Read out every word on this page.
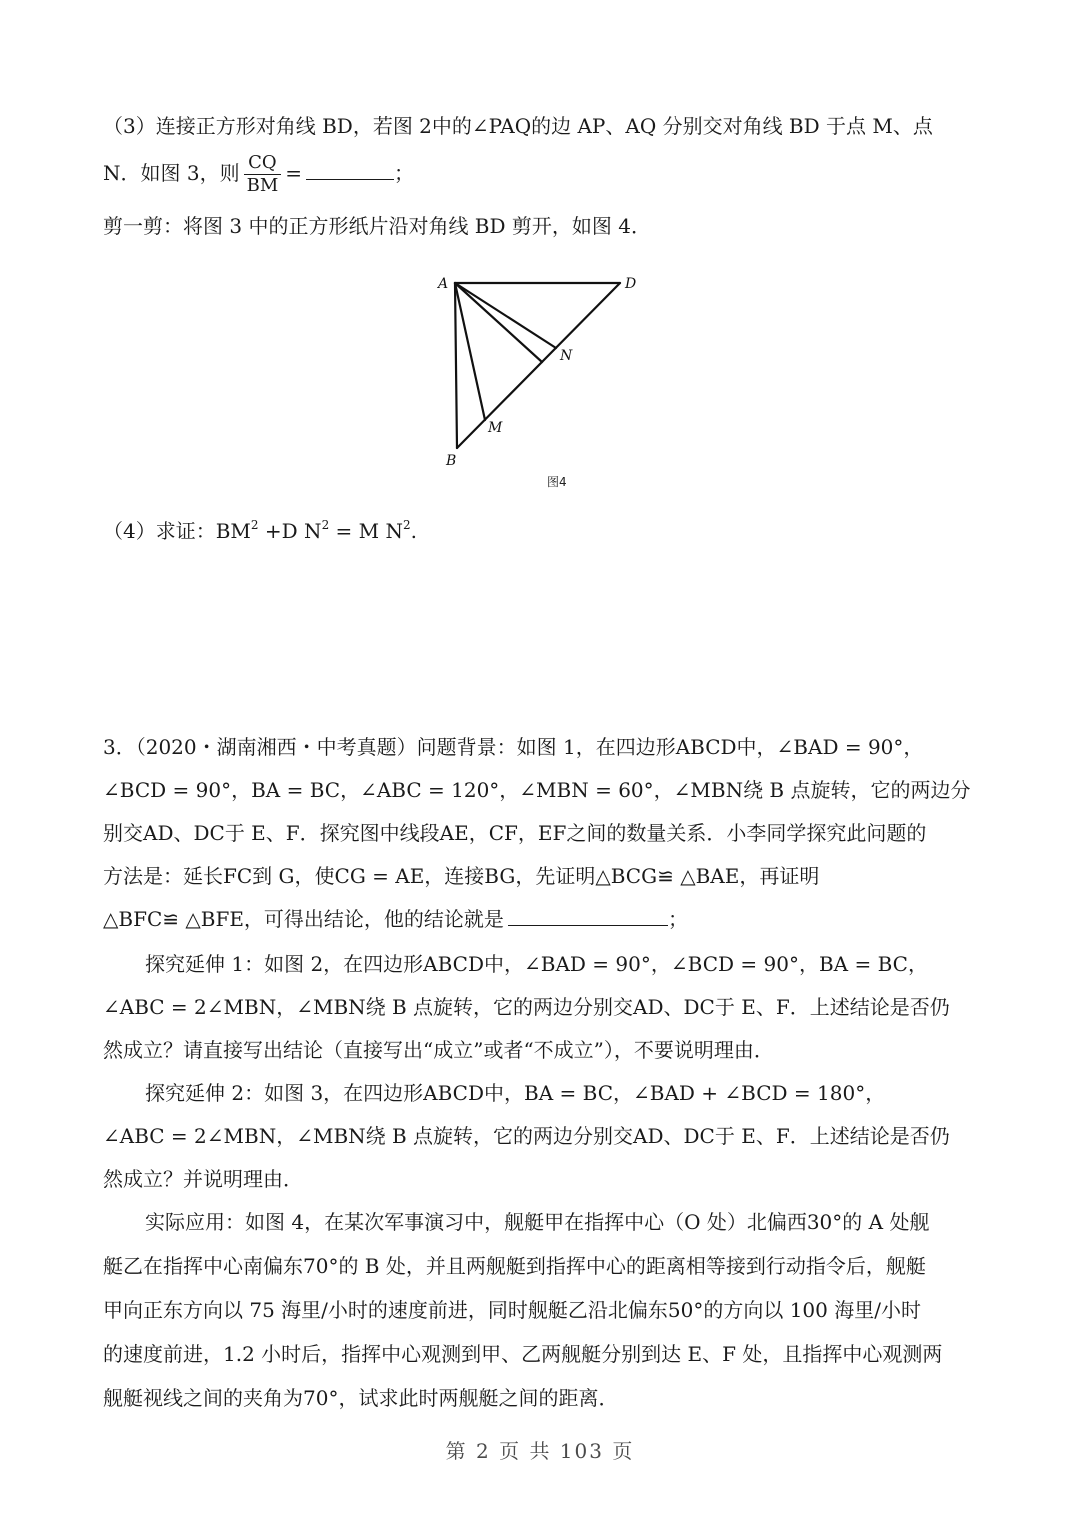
（3）连接正方形对角线 BD，若图 2中的∠PAQ的边 AP、AQ 分别交对角线 BD 于点 M、点
N．如图 3，则 $\frac{CQ}{BM}$ =	；
剪一剪：将图 3 中的正方形纸片沿对角线 BD 剪开，如图 4．
A	D
N
M
B
图4
（4）求证：$BM^2 +D$ $N^2 = M$ $N^2$.
3．（2020・湖南湘西・中考真题）问题背景：如图 1，在四边形ABCD中，∠BAD = 90°，
∠BCD = 90°，BA = BC，∠ABC = 120°，∠MBN = 60°，∠MBN绕 B 点旋转，它的两边分
别交AD、DC于 E、F．探究图中线段AE，CF，EF之间的数量关系．小李同学探究此问题的
方法是：延长FC到 G，使CG = AE，连接BG，先证明△BCG≌ △BAE，再证明
△BFC≌ △BFE，可得出结论，他的结论就是	；
探究延伸 1：如图 2，在四边形ABCD中，∠BAD = 90°，∠BCD = 90°，BA = BC，
∠ABC = 2∠MBN，∠MBN绕 B 点旋转，它的两边分别交AD、DC于 E、F．上述结论是否仍
然成立？请直接写出结论（直接写出“成立”或者“不成立”），不要说明理由．
探究延伸 2：如图 3，在四边形ABCD中，BA = BC，∠BAD + ∠BCD = 180°，
∠ABC = 2∠MBN，∠MBN绕 B 点旋转，它的两边分别交AD、DC于 E、F．上述结论是否仍
然成立？并说明理由．
实际应用：如图 4，在某次军事演习中，舰艇甲在指挥中心（O 处）北偏西30°的 A 处舰
艇乙在指挥中心南偏东70°的 B 处，并且两舰艇到指挥中心的距离相等接到行动指令后，舰艇
甲向正东方向以 75 海里/小时的速度前进，同时舰艇乙沿北偏东50°的方向以 100 海里/小时
的速度前进，1.2 小时后，指挥中心观测到甲、乙两舰艇分别到达 E、F 处，且指挥中心观测两
舰艇视线之间的夹角为70°，试求此时两舰艇之间的距离．
第 2 页 共 103 页
